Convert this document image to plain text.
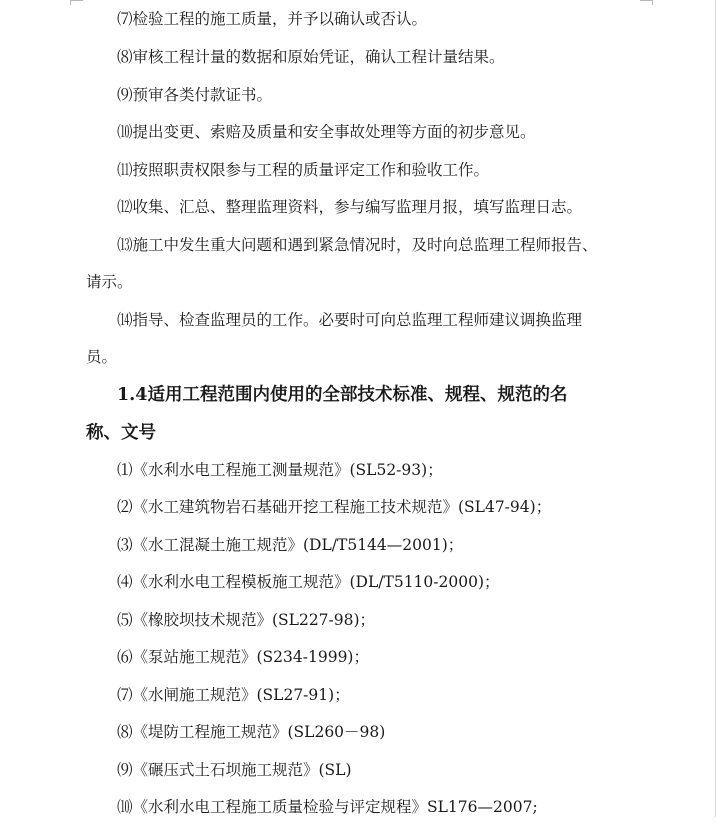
⑺检验工程的施工质量，并予以确认或否认。
⑻审核工程计量的数据和原始凭证，确认工程计量结果。
⑼预审各类付款证书。
⑽提出变更、索赔及质量和安全事故处理等方面的初步意见。
⑾按照职责权限参与工程的质量评定工作和验收工作。
⑿收集、汇总、整理监理资料，参与编写监理月报，填写监理日志。
⒀施工中发生重大问题和遇到紧急情况时，及时向总监理工程师报告、
请示。
⒁指导、检查监理员的工作。必要时可向总监理工程师建议调换监理
员。
1.4适用工程范围内使用的全部技术标准、规程、规范的名
称、文号
⑴《水利水电工程施工测量规范》(SL52-93)；
⑵《水工建筑物岩石基础开挖工程施工技术规范》(SL47-94)；
⑶《水工混凝土施工规范》(DL/T5144—2001)；
⑷《水利水电工程模板施工规范》(DL/T5110-2000)；
⑸《橡胶坝技术规范》(SL227-98)；
⑹《泵站施工规范》(S234-1999)；
⑺《水闸施工规范》(SL27-91)；
⑻《堤防工程施工规范》(SL260－98)
⑼《碾压式土石坝施工规范》(SL)
⑽《水利水电工程施工质量检验与评定规程》SL176—2007;
